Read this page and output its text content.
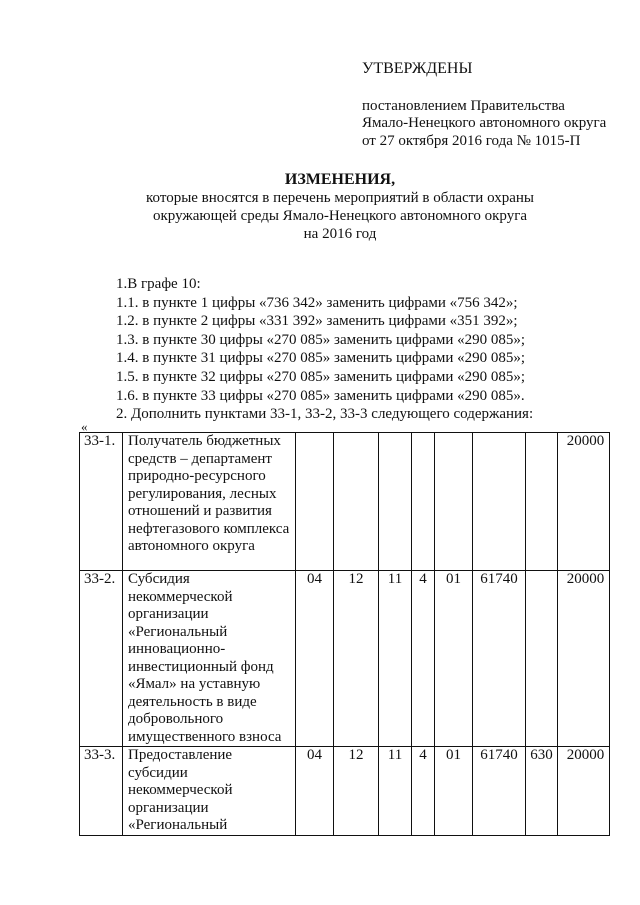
УТВЕРЖДЕНЫ
постановлением Правительства
Ямало-Ненецкого автономного округа
от 27 октября 2016 года № 1015-П
ИЗМЕНЕНИЯ,
которые вносятся в перечень мероприятий в области охраны
окружающей среды Ямало-Ненецкого автономного округа
на 2016 год
1.В графе 10:
1.1. в пункте 1 цифры «736 342» заменить цифрами «756 342»;
1.2. в пункте 2 цифры «331 392» заменить цифрами «351 392»;
1.3. в пункте 30 цифры «270 085» заменить цифрами «290 085»;
1.4. в пункте 31 цифры «270 085» заменить цифрами «290 085»;
1.5. в пункте 32 цифры «270 085» заменить цифрами «290 085»;
1.6. в пункте 33 цифры «270 085» заменить цифрами «290 085».
2. Дополнить пунктами 33-1, 33-2, 33-3 следующего содержания:
«
33-1.	Получатель бюджетных средств – департамент природно-ресурсного регулирования, лесных отношений и развития нефтегазового комплекса автономного округа								20000
33-2.	Субсидия некоммерческой организации «Региональный инновационно-инвестиционный фонд «Ямал» на уставную деятельность в виде добровольного имущественного взноса	04	12	11	4	01	61740		20000
33-3.	Предоставление субсидии некоммерческой организации «Региональный	04	12	11	4	01	61740	630	20000
